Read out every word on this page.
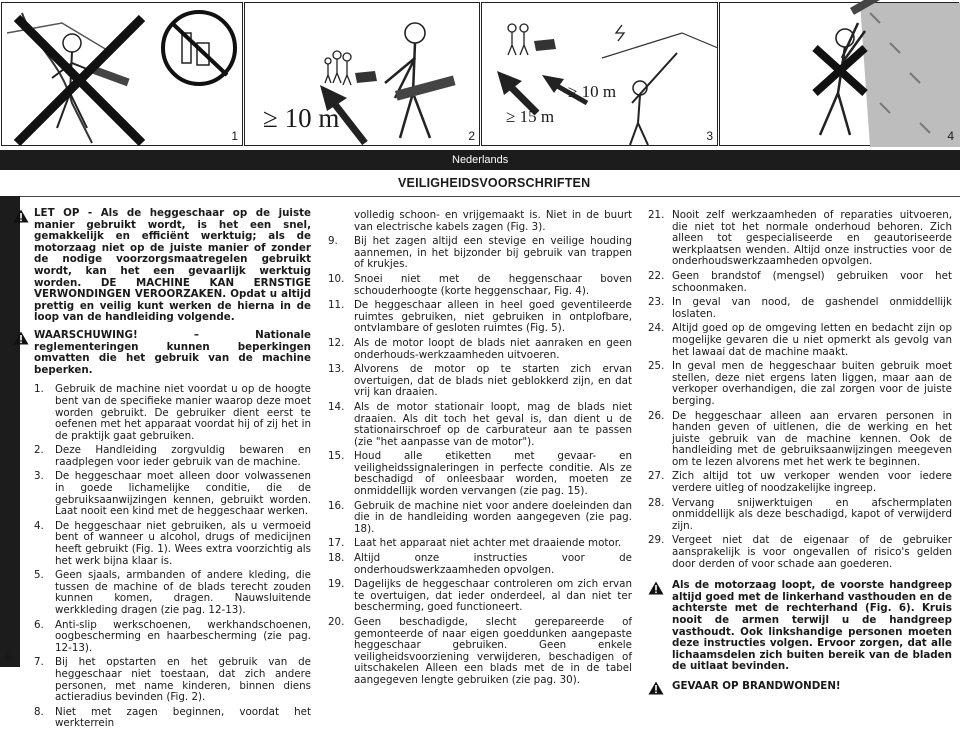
1
≥ 10 m
2
≥ 15 m
≥ 10 m
3	4
Nederlands
VEILIGHEIDSVOORSCHRIFTEN
6
LET OP - Als de heggeschaar op de juiste manier gebruikt wordt, is het een snel, gemakkelijk en efficiënt werktuig; als de motorzaag niet op de juiste manier of zonder de nodige voorzorgsmaatregelen gebruikt wordt, kan het een gevaarlijk werktuig worden. DE MACHINE KAN ERNSTIGE VERWONDINGEN VEROORZAKEN. Opdat u altijd prettig en veilig kunt werken de hierna in de loop van de handleiding volgende.
WAARSCHUWING! – Nationale reglementeringen kunnen beperkingen omvatten die het gebruik van de machine beperken.
1. Gebruik de machine niet voordat u op de hoogte bent van de specifieke manier waarop deze moet worden gebruikt. De gebruiker dient eerst te oefenen met het apparaat voordat hij of zij het in de praktijk gaat gebruiken.
2. Deze Handleiding zorgvuldig bewaren en raadplegen voor ieder gebruik van de machine.
3. De heggeschaar moet alleen door volwassenen in goede lichamelijke conditie, die de gebruiksaanwijzingen kennen, gebruikt worden. Laat nooit een kind met de heggeschaar werken.
4. De heggeschaar niet gebruiken, als u vermoeid bent of wanneer u alcohol, drugs of medicijnen heeft gebruikt (Fig. 1). Wees extra voorzichtig als het werk bijna klaar is.
5. Geen sjaals, armbanden of andere kleding, die tussen de machine of de blads terecht zouden kunnen komen, dragen. Nauwsluitende werkkleding dragen (zie pag. 12-13).
6. Anti-slip werkschoenen, werkhandschoenen, oogbescherming en haarbescherming (zie pag. 12-13).
7. Bij het opstarten en het gebruik van de heggeschaar niet toestaan, dat zich andere personen, met name kinderen, binnen diens actieradius bevinden (Fig. 2).
8. Niet met zagen beginnen, voordat het werkterrein
volledig schoon- en vrijgemaakt is. Niet in de buurt van electrische kabels zagen (Fig. 3).
9. Bij het zagen altijd een stevige en veilige houding aannemen, in het bijzonder bij gebruik van trappen of krukjes.
10. Snoei niet met de heggenschaar boven schouderhoogte (korte heggenschaar, Fig. 4).
11. De heggeschaar alleen in heel goed geventileerde ruimtes gebruiken, niet gebruiken in ontplofbare, ontvlambare of gesloten ruimtes (Fig. 5).
12. Als de motor loopt de blads niet aanraken en geen onderhouds-werkzaamheden uitvoeren.
13. Alvorens de motor op te starten zich ervan overtuigen, dat de blads niet geblokkerd zijn, en dat vrij kan draaien.
14. Als de motor stationair loopt, mag de blads niet draaien. Als dit toch het geval is, dan dient u de stationairschroef op de carburateur aan te passen (zie "het aanpasse van de motor").
15. Houd alle etiketten met gevaar- en veiligheidssignaleringen in perfecte conditie. Als ze beschadigd of onleesbaar worden, moeten ze onmiddellijk worden vervangen (zie pag. 15).
16. Gebruik de machine niet voor andere doeleinden dan die in de handleiding worden aangegeven (zie pag. 18).
17. Laat het apparaat niet achter met draaiende motor.
18. Altijd onze instructies voor de onderhoudswerkzaamheden opvolgen.
19. Dagelijks de heggeschaar controleren om zich ervan te overtuigen, dat ieder onderdeel, al dan niet ter bescherming, goed functioneert.
20. Geen beschadigde, slecht gerepareerde of gemonteerde of naar eigen goeddunken aangepaste heggeschaar gebruiken. Geen enkele veiligheidsvoorziening verwijderen, beschadigen of uitschakelen Alleen een blads met de in de tabel aangegeven lengte gebruiken (zie pag. 30).
21. Nooit zelf werkzaamheden of reparaties uitvoeren, die niet tot het normale onderhoud behoren. Zich alleen tot gespecialiseerde en geautoriseerde werkplaatsen wenden. Altijd onze instructies voor de onderhoudswerkzaamheden opvolgen.
22. Geen brandstof (mengsel) gebruiken voor het schoonmaken.
23. In geval van nood, de gashendel onmiddellijk loslaten.
24. Altijd goed op de omgeving letten en bedacht zijn op mogelijke gevaren die u niet opmerkt als gevolg van het lawaai dat de machine maakt.
25. In geval men de heggeschaar buiten gebruik moet stellen, deze niet ergens laten liggen, maar aan de verkoper overhandigen, die zal zorgen voor de juiste berging.
26. De heggeschaar alleen aan ervaren personen in handen geven of uitlenen, die de werking en het juiste gebruik van de machine kennen. Ook de handleiding met de gebruiksaanwijzingen meegeven om te lezen alvorens met het werk te beginnen.
27. Zich altijd tot uw verkoper wenden voor iedere verdere uitleg of noodzakelijke ingreep.
28. Vervang snijwerktuigen en afschermplaten onmiddellijk als deze beschadigd, kapot of verwijderd zijn.
29. Vergeet niet dat de eigenaar of de gebruiker aansprakelijk is voor ongevallen of risico's gelden door derden of voor schade aan goederen.
Als de motorzaag loopt, de voorste handgreep altijd goed met de linkerhand vasthouden en de achterste met de rechterhand (Fig. 6). Kruis nooit de armen terwijl u de handgreep vasthoudt. Ook linkshandige personen moeten deze instructies volgen. Ervoor zorgen, dat alle lichaamsdelen zich buiten bereik van de bladen de uitlaat bevinden.
GEVAAR OP BRANDWONDEN!
